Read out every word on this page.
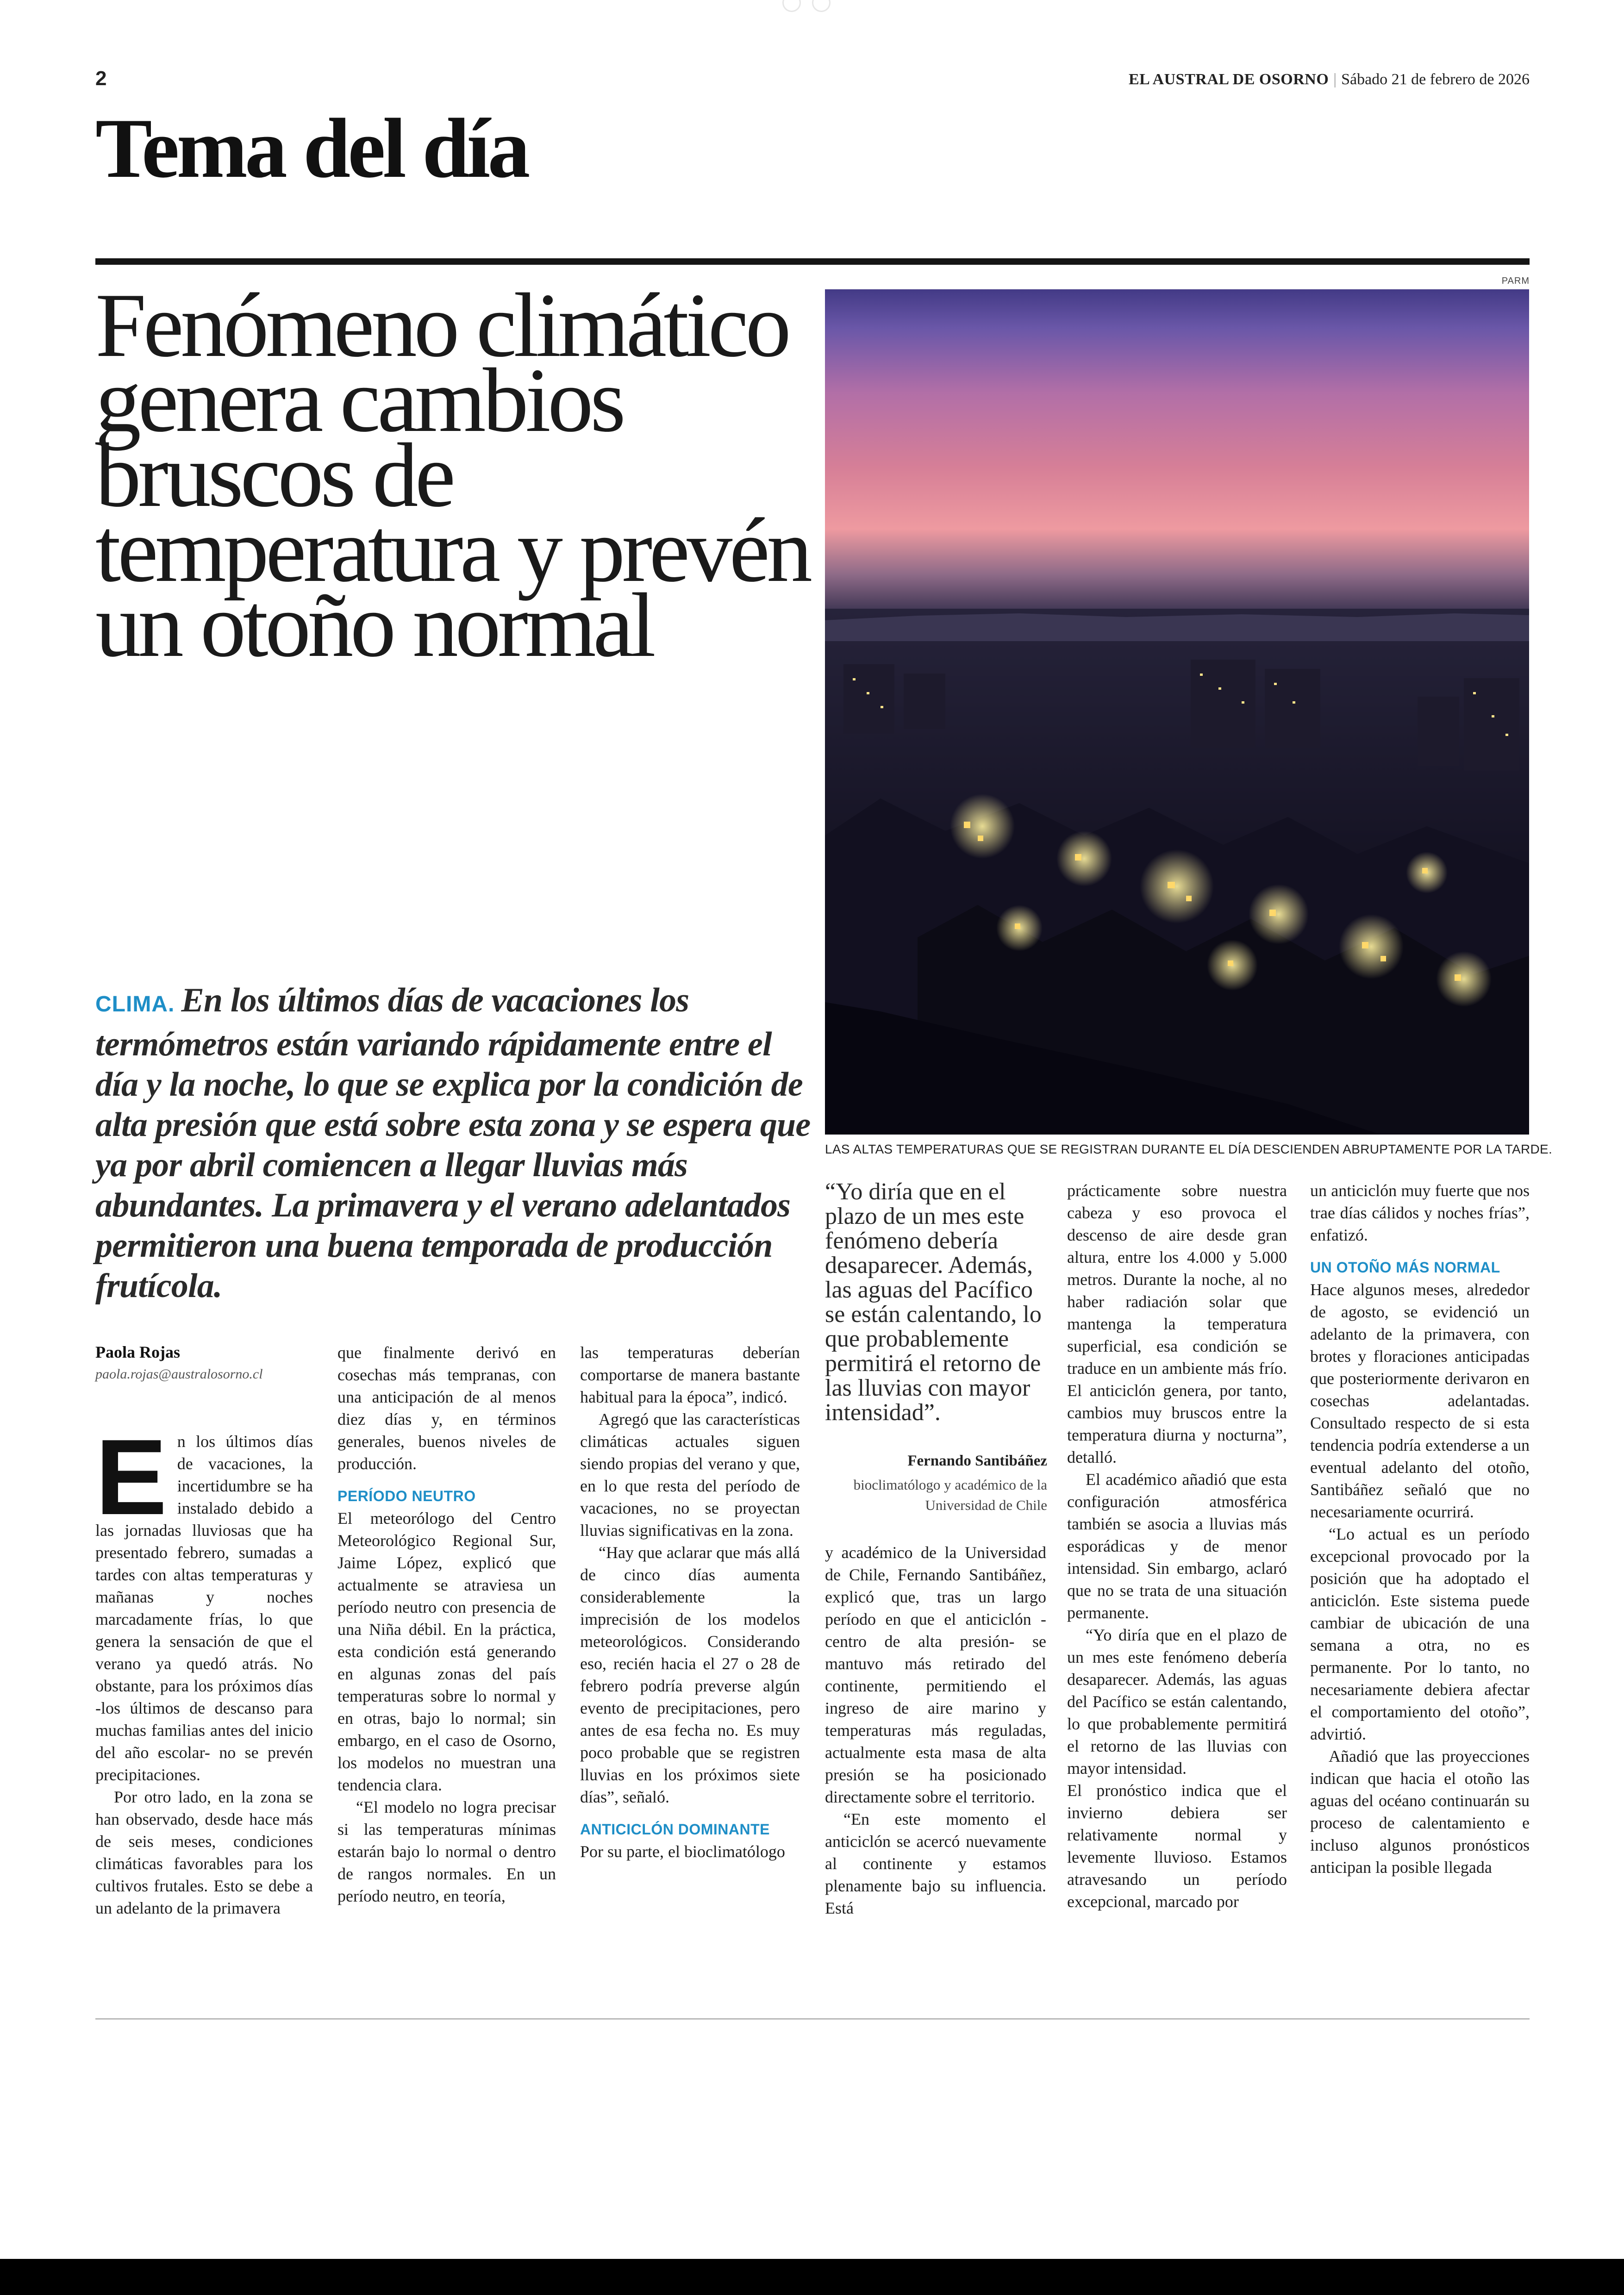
2	EL AUSTRAL DE OSORNO | Sábado 21 de febrero de 2026
Tema del día
Fenómeno climático genera cambios bruscos de temperatura y prevén un otoño normal
PARM
LAS ALTAS TEMPERATURAS QUE SE REGISTRAN DURANTE EL DÍA DESCIENDEN ABRUPTAMENTE POR LA TARDE.

CLIMA. En los últimos días de vacaciones los termómetros están variando rápidamente entre el día y la noche, lo que se explica por la condición de alta presión que está sobre esta zona y se espera que ya por abril comiencen a llegar lluvias más abundantes. La primavera y el verano adelantados permitieron una buena temporada de producción frutícola.

Paola Rojas
paola.rojas@australosorno.cl

En los últimos días de vacaciones, la incertidumbre se ha instalado debido a las jornadas lluviosas que ha presentado febrero, sumadas a tardes con altas temperaturas y mañanas y noches marcadamente frías, lo que genera la sensación de que el verano ya quedó atrás. No obstante, para los próximos días -los últimos de descanso para muchas familias antes del inicio del año escolar- no se prevén precipitaciones.

Por otro lado, en la zona se han observado, desde hace más de seis meses, condiciones climáticas favorables para los cultivos frutales. Esto se debe a un adelanto de la primavera

que finalmente derivó en cosechas más tempranas, con una anticipación de al menos diez días y, en términos generales, buenos niveles de producción.

PERÍODO NEUTRO

El meteorólogo del Centro Meteorológico Regional Sur, Jaime López, explicó que actualmente se atraviesa un período neutro con presencia de una Niña débil. En la práctica, esta condición está generando en algunas zonas del país temperaturas sobre lo normal y en otras, bajo lo normal; sin embargo, en el caso de Osorno, los modelos no muestran una tendencia clara.

“El modelo no logra precisar si las temperaturas mínimas estarán bajo lo normal o dentro de rangos normales. En un período neutro, en teoría,

las temperaturas deberían comportarse de manera bastante habitual para la época”, indicó.

Agregó que las características climáticas actuales siguen siendo propias del verano y que, en lo que resta del período de vacaciones, no se proyectan lluvias significativas en la zona.

“Hay que aclarar que más allá de cinco días aumenta considerablemente la imprecisión de los modelos meteorológicos. Considerando eso, recién hacia el 27 o 28 de febrero podría preverse algún evento de precipitaciones, pero antes de esa fecha no. Es muy poco probable que se registren lluvias en los próximos siete días”, señaló.

ANTICICLÓN DOMINANTE

Por su parte, el bioclimatólogo

“Yo diría que en el plazo de un mes este fenómeno debería desaparecer. Además, las aguas del Pacífico se están calentando, lo que probablemente permitirá el retorno de las lluvias con mayor intensidad”.
Fernando Santibáñez
bioclimatólogo y académico de la Universidad de Chile

y académico de la Universidad de Chile, Fernando Santibáñez, explicó que, tras un largo período en que el anticiclón -centro de alta presión- se mantuvo más retirado del continente, permitiendo el ingreso de aire marino y temperaturas más reguladas, actualmente esta masa de alta presión se ha posicionado directamente sobre el territorio.

“En este momento el anticiclón se acercó nuevamente al continente y estamos plenamente bajo su influencia. Está

prácticamente sobre nuestra cabeza y eso provoca el descenso de aire desde gran altura, entre los 4.000 y 5.000 metros. Durante la noche, al no haber radiación solar que mantenga la temperatura superficial, esa condición se traduce en un ambiente más frío. El anticiclón genera, por tanto, cambios muy bruscos entre la temperatura diurna y nocturna”, detalló.

El académico añadió que esta configuración atmosférica también se asocia a lluvias más esporádicas y de menor intensidad. Sin embargo, aclaró que no se trata de una situación permanente.

“Yo diría que en el plazo de un mes este fenómeno debería desaparecer. Además, las aguas del Pacífico se están calentando, lo que probablemente permitirá el retorno de las lluvias con mayor intensidad.

El pronóstico indica que el invierno debiera ser relativamente normal y levemente lluvioso. Estamos atravesando un período excepcional, marcado por

un anticiclón muy fuerte que nos trae días cálidos y noches frías”, enfatizó.

UN OTOÑO MÁS NORMAL

Hace algunos meses, alrededor de agosto, se evidenció un adelanto de la primavera, con brotes y floraciones anticipadas que posteriormente derivaron en cosechas adelantadas. Consultado respecto de si esta tendencia podría extenderse a un eventual adelanto del otoño, Santibáñez señaló que no necesariamente ocurrirá.

“Lo actual es un período excepcional provocado por la posición que ha adoptado el anticiclón. Este sistema puede cambiar de ubicación de una semana a otra, no es permanente. Por lo tanto, no necesariamente debiera afectar el comportamiento del otoño”, advirtió.

Añadió que las proyecciones indican que hacia el otoño las aguas del océano continuarán su proceso de calentamiento e incluso algunos pronósticos anticipan la posible llegada
